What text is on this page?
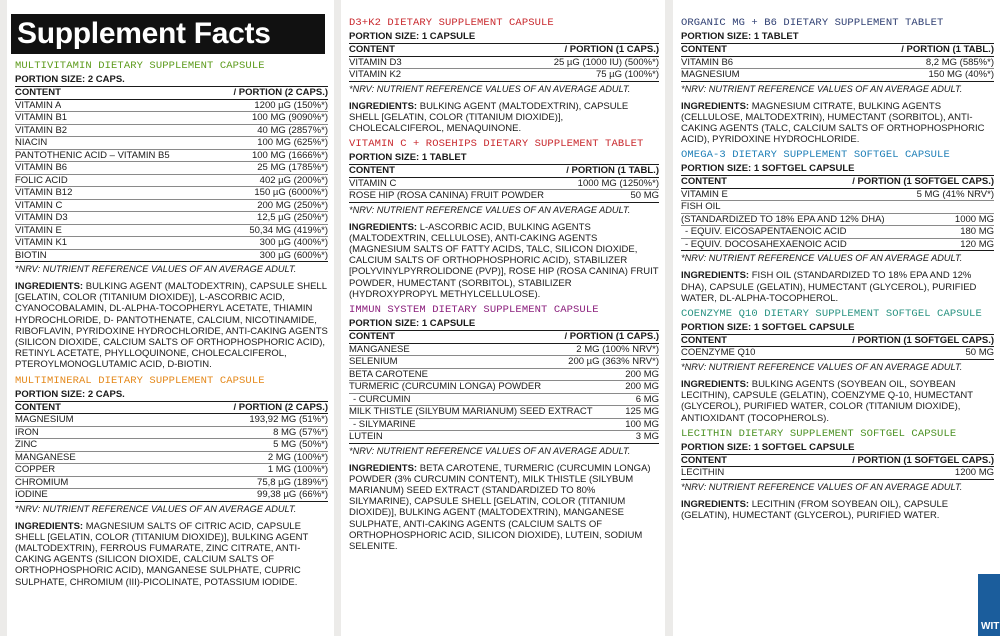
Supplement Facts
MULTIVITAMIN DIETARY SUPPLEMENT CAPSULE
PORTION SIZE: 2 CAPS.
CONTENT	/ PORTION (2 CAPS.)
VITAMIN A	1200 µG (150%*)
VITAMIN B1	100 MG (9090%*)
VITAMIN B2	40 MG (2857%*)
NIACIN	100 MG (625%*)
PANTOTHENIC ACID – VITAMIN B5	100 MG (1666%*)
VITAMIN B6	25 MG (1785%*)
FOLIC ACID	402 µG (200%*)
VITAMIN B12	150 µG (6000%*)
VITAMIN C	200 MG (250%*)
VITAMIN D3	12,5 µG (250%*)
VITAMIN E	50,34 MG (419%*)
VITAMIN K1	300 µG (400%*)
BIOTIN	300 µG (600%*)
*NRV: NUTRIENT REFERENCE VALUES OF AN AVERAGE ADULT.
INGREDIENTS: BULKING AGENT (MALTODEXTRIN), CAPSULE SHELL [GELATIN, COLOR (TITANIUM DIOXIDE)], L-ASCORBIC ACID, CYANOCOBALAMIN, DL-ALPHA-TOCOPHERYL ACETATE, THIAMIN HYDROCHLORIDE, D- PANTOTHENATE, CALCIUM, NICOTINAMIDE, RIBOFLAVIN, PYRIDOXINE HYDROCHLORIDE, ANTI-CAKING AGENTS (SILICON DIOXIDE, CALCIUM SALTS OF ORTHOPHOSPHORIC ACID), RETINYL ACETATE, PHYLLOQUINONE, CHOLECALCIFEROL, PTEROYLMONOGLUTAMIC ACID, D-BIOTIN.
MULTIMINERAL DIETARY SUPPLEMENT CAPSULE
PORTION SIZE: 2 CAPS.
CONTENT	/ PORTION (2 CAPS.)
MAGNESIUM	193,92 MG (51%*)
IRON	8 MG (57%*)
ZINC	5 MG (50%*)
MANGANESE	2 MG (100%*)
COPPER	1 MG (100%*)
CHROMIUM	75,8 µG (189%*)
IODINE	99,38 µG (66%*)
*NRV: NUTRIENT REFERENCE VALUES OF AN AVERAGE ADULT.
INGREDIENTS: MAGNESIUM SALTS OF CITRIC ACID, CAPSULE SHELL [GELATIN, COLOR (TITANIUM DIOXIDE)], BULKING AGENT (MALTODEXTRIN), FERROUS FUMARATE, ZINC CITRATE, ANTI-CAKING AGENTS (SILICON DIOXIDE, CALCIUM SALTS OF ORTHOPHOSPHORIC ACID), MANGANESE SULPHATE, CUPRIC SULPHATE, CHROMIUM (III)-PICOLINATE, POTASSIUM IODIDE.
D3+K2 DIETARY SUPPLEMENT CAPSULE
PORTION SIZE: 1 CAPSULE
CONTENT	/ PORTION (1 CAPS.)
VITAMIN D3	25 µG (1000 IU) (500%*)
VITAMIN K2	75 µG (100%*)
*NRV: NUTRIENT REFERENCE VALUES OF AN AVERAGE ADULT.
INGREDIENTS: BULKING AGENT (MALTODEXTRIN), CAPSULE SHELL [GELATIN, COLOR (TITANIUM DIOXIDE)], CHOLECALCIFEROL, MENAQUINONE.
VITAMIN C + ROSEHIPS DIETARY SUPPLEMENT TABLET
PORTION SIZE: 1 TABLET
CONTENT	/ PORTION (1 TABL.)
VITAMIN C	1000 MG (1250%*)
ROSE HIP (ROSA CANINA) FRUIT POWDER	50 MG
*NRV: NUTRIENT REFERENCE VALUES OF AN AVERAGE ADULT.
INGREDIENTS: L-ASCORBIC ACID, BULKING AGENTS (MALTODEXTRIN, CELLULOSE), ANTI-CAKING AGENTS (MAGNESIUM SALTS OF FATTY ACIDS, TALC, SILICON DIOXIDE, CALCIUM SALTS OF ORTHOPHOSPHORIC ACID), STABILIZER [POLYVINYLPYRROLIDONE (PVP)], ROSE HIP (ROSA CANINA) FRUIT POWDER, HUMECTANT (SORBITOL), STABILIZER (HYDROXYPROPYL METHYLCELLULOSE).
IMMUN SYSTEM DIETARY SUPPLEMENT CAPSULE
PORTION SIZE: 1 CAPSULE
CONTENT	/ PORTION (1 CAPS.)
MANGANESE	2 MG (100% NRV*)
SELENIUM	200 µG (363% NRV*)
BETA CAROTENE	200 MG
TURMERIC (CURCUMIN LONGA) POWDER	200 MG
- CURCUMIN	6 MG
MILK THISTLE (SILYBUM MARIANUM) SEED EXTRACT	125 MG
- SILYMARINE	100 MG
LUTEIN	3 MG
*NRV: NUTRIENT REFERENCE VALUES OF AN AVERAGE ADULT.
INGREDIENTS: BETA CAROTENE, TURMERIC (CURCUMIN LONGA) POWDER (3% CURCUMIN CONTENT), MILK THISTLE (SILYBUM MARIANUM) SEED EXTRACT (STANDARDIZED TO 80% SILYMARINE), CAPSULE SHELL [GELATIN, COLOR (TITANIUM DIOXIDE)], BULKING AGENT (MALTODEXTRIN), MANGANESE SULPHATE, ANTI-CAKING AGENTS (CALCIUM SALTS OF ORTHOPHOSPHORIC ACID, SILICON DIOXIDE), LUTEIN, SODIUM SELENITE.
ORGANIC MG + B6 DIETARY SUPPLEMENT TABLET
PORTION SIZE: 1 TABLET
CONTENT	/ PORTION (1 TABL.)
VITAMIN B6	8,2 MG (585%*)
MAGNESIUM	150 MG (40%*)
*NRV: NUTRIENT REFERENCE VALUES OF AN AVERAGE ADULT.
INGREDIENTS: MAGNESIUM CITRATE, BULKING AGENTS (CELLULOSE, MALTODEXTRIN), HUMECTANT (SORBITOL), ANTI-CAKING AGENTS (TALC, CALCIUM SALTS OF ORTHOPHOSPHORIC ACID), PYRIDOXINE HYDROCHLORIDE.
OMEGA-3 DIETARY SUPPLEMENT SOFTGEL CAPSULE
PORTION SIZE: 1 SOFTGEL CAPSULE
CONTENT	/ PORTION (1 SOFTGEL CAPS.)
VITAMIN E	5 MG (41% NRV*)
FISH OIL
(STANDARDIZED TO 18% EPA AND 12% DHA)	1000 MG
- EQUIV. EICOSAPENTAENOIC ACID	180 MG
- EQUIV. DOCOSAHEXAENOIC ACID	120 MG
*NRV: NUTRIENT REFERENCE VALUES OF AN AVERAGE ADULT.
INGREDIENTS: FISH OIL (STANDARDIZED TO 18% EPA AND 12% DHA), CAPSULE (GELATIN), HUMECTANT (GLYCEROL), PURIFIED WATER, DL-ALPHA-TOCOPHEROL.
COENZYME Q10 DIETARY SUPPLEMENT SOFTGEL CAPSULE
PORTION SIZE: 1 SOFTGEL CAPSULE
CONTENT	/ PORTION (1 SOFTGEL CAPS.)
COENZYME Q10	50 MG
*NRV: NUTRIENT REFERENCE VALUES OF AN AVERAGE ADULT.
INGREDIENTS: BULKING AGENTS (SOYBEAN OIL, SOYBEAN LECITHIN), CAPSULE (GELATIN), COENZYME Q-10, HUMECTANT (GLYCEROL), PURIFIED WATER, COLOR (TITANIUM DIOXIDE), ANTIOXIDANT (TOCOPHEROLS).
LECITHIN DIETARY SUPPLEMENT SOFTGEL CAPSULE
PORTION SIZE: 1 SOFTGEL CAPSULE
CONTENT	/ PORTION (1 SOFTGEL CAPS.)
LECITHIN	1200 MG
*NRV: NUTRIENT REFERENCE VALUES OF AN AVERAGE ADULT.
INGREDIENTS: LECITHIN (FROM SOYBEAN OIL), CAPSULE (GELATIN), HUMECTANT (GLYCEROL), PURIFIED WATER.
WIT
